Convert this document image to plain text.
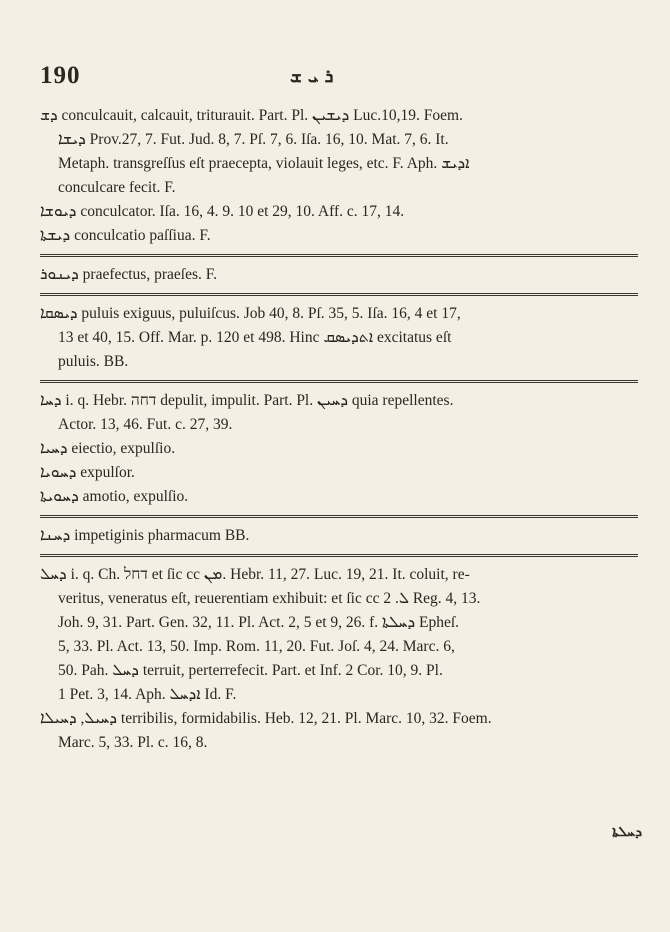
190	ܪ ܝ ܫ
ܕܫ conculcauit, calcauit, triturauit. Part. Pl. ܕܝܫܝܢ Luc.10,19. Foem.
ܕܝܫܐ Prov.27, 7. Fut. Jud. 8, 7. Pſ. 7, 6. Iſa. 16, 10. Mat. 7, 6. It.
Metaph. transgreſſus eſt praecepta, violauit leges, etc. F. Aph. ܐܕܝܫ
conculcare fecit. F.
ܕܝܘܫܐ conculcator. Iſa. 16, 4. 9. 10 et 29, 10. Aff. c. 17, 14.
ܕܝܫܬܐ conculcatio paſſiua. F.
ܕܝܢܘܪ praefectus, praeſes. F.
ܕܝܣܩܐ puluis exiguus, puluiſcus. Job 40, 8. Pſ. 35, 5. Iſa. 16, 4 et 17,
13 et 40, 15. Off. Mar. p. 120 et 498. Hinc ܐܬܕܝܣܩ excitatus eſt
puluis. BB.
ܕܚܐ i. q. Hebr. דחה depulit, impulit. Part. Pl. ܕܚܝܢ quia repellentes.
Actor. 13, 46. Fut. c. 27, 39.
ܕܚܝܐ eiectio, expulſio.
ܕܚܘܝܐ expulſor.
ܕܚܘܝܬܐ amotio, expulſio.
ܕܚܢܐ impetiginis pharmacum BB.
ܕܚܠ i. q. Ch. דחל et ſic cc ܡܢ. Hebr. 11, 27. Luc. 19, 21. It. coluit, re-
veritus, veneratus eſt, reuerentiam exhibuit: et ſic cc ܠ. 2 Reg. 4, 13.
Joh. 9, 31. Part. Gen. 32, 11. Pl. Act. 2, 5 et 9, 26. f. ܕܚܠܬܐ Epheſ.
5, 33. Pl. Act. 13, 50. Imp. Rom. 11, 20. Fut. Joſ. 4, 24. Marc. 6,
50. Pah. ܕܚܠ terruit, perterrefecit. Part. et Inf. 2 Cor. 10, 9. Pl.
1 Pet. 3, 14. Aph. ܐܕܚܠ Id. F.
ܕܚܝܠ, ܕܚܝܠܐ terribilis, formidabilis. Heb. 12, 21. Pl. Marc. 10, 32. Foem.
Marc. 5, 33. Pl. c. 16, 8.
ܕܚܠܬܐ
